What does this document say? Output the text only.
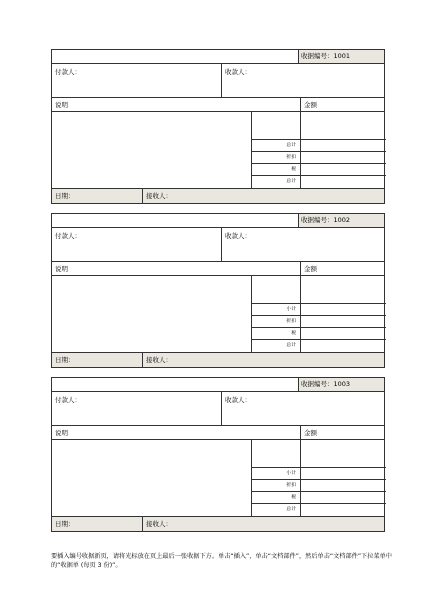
收据编号：1001
付款人：	收款人：
说明	金额
总计
折扣
税
总计
日期：	接收人：
收据编号：1002
付款人：	收款人：
说明	金额
小计
折扣
税
总计
日期：	接收人：
收据编号：1003
付款人：	收款人：
说明	金额
小计
折扣
税
总计
日期：	接收人：
要插入编号收据新页，请将光标放在页上最后一张收据下方。单击“插入”，单击“文档部件”，然后单击“文档部件”下拉菜单中的“收据单 (每页 3 份)”。
